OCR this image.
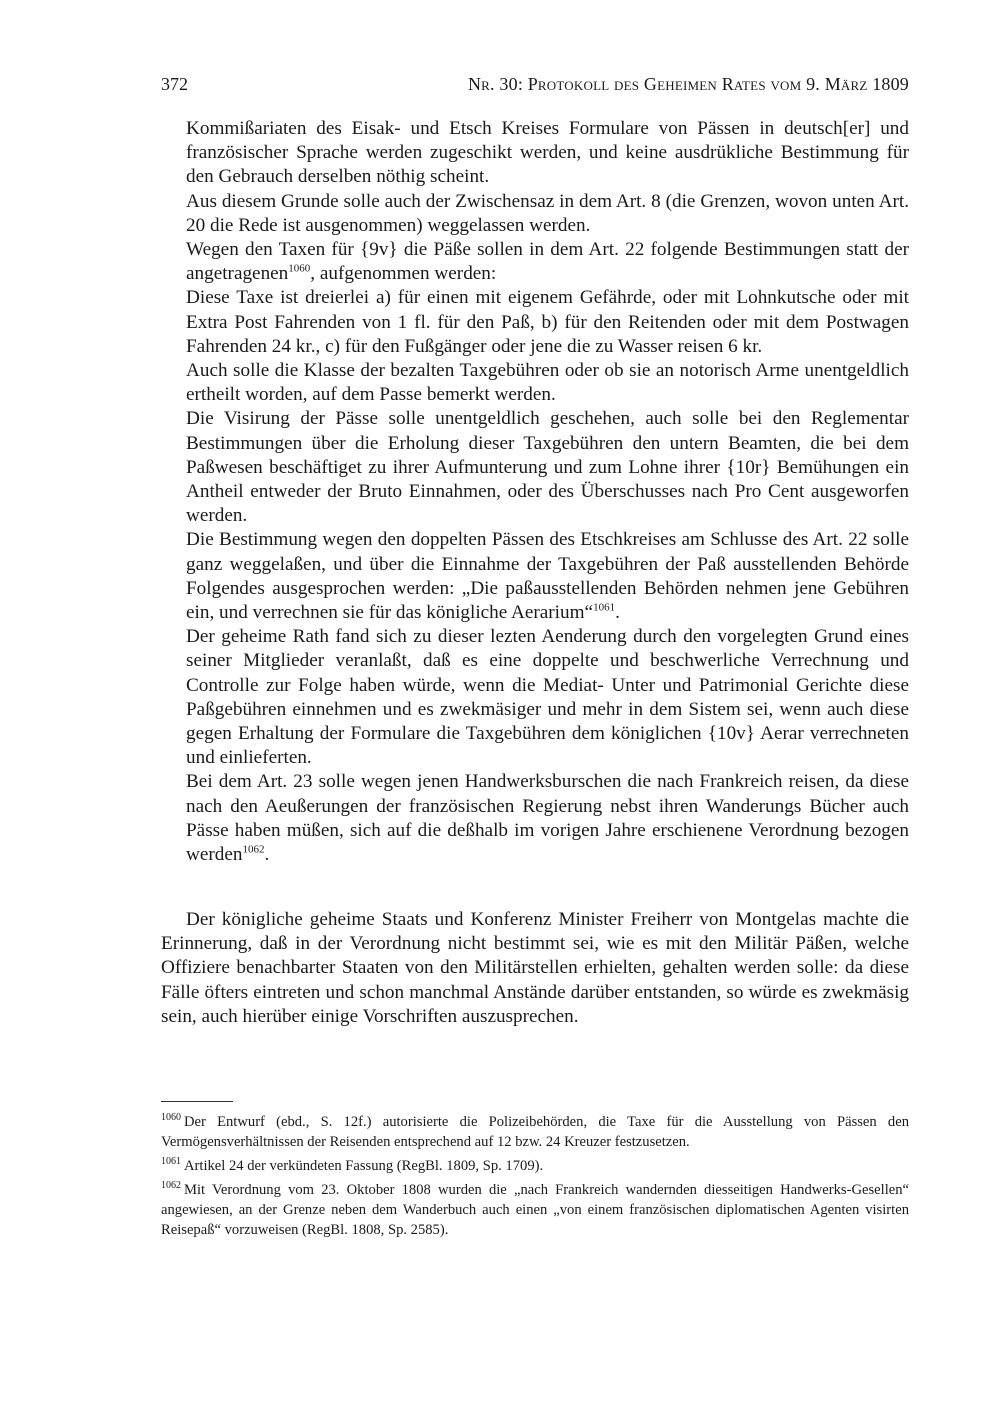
372	Nr. 30: Protokoll des Geheimen Rates vom 9. März 1809

Kommißariaten des Eisak- und Etsch Kreises Formulare von Pässen in deutsch[er] und französischer Sprache werden zugeschikt werden, und keine ausdrükliche Bestimmung für den Gebrauch derselben nöthig scheint.

Aus diesem Grunde solle auch der Zwischensaz in dem Art. 8 (die Grenzen, wovon unten Art. 20 die Rede ist ausgenommen) weggelassen werden.

Wegen den Taxen für {9v} die Päße sollen in dem Art. 22 folgende Bestimmungen statt der angetragenen$^{1060}$, aufgenommen werden:

Diese Taxe ist dreierlei a) für einen mit eigenem Gefährde, oder mit Lohnkutsche oder mit Extra Post Fahrenden von 1 fl. für den Paß, b) für den Reitenden oder mit dem Postwagen Fahrenden 24 kr., c) für den Fußgänger oder jene die zu Wasser reisen 6 kr.

Auch solle die Klasse der bezalten Taxgebühren oder ob sie an notorisch Arme unentgeldlich ertheilt worden, auf dem Passe bemerkt werden.

Die Visirung der Pässe solle unentgeldlich geschehen, auch solle bei den Reglementar Bestimmungen über die Erholung dieser Taxgebühren den untern Beamten, die bei dem Paßwesen beschäftiget zu ihrer Aufmunterung und zum Lohne ihrer {10r} Bemühungen ein Antheil entweder der Bruto Einnahmen, oder des Überschusses nach Pro Cent ausgeworfen werden.

Die Bestimmung wegen den doppelten Pässen des Etschkreises am Schlusse des Art. 22 solle ganz weggelaßen, und über die Einnahme der Taxgebühren der Paß ausstellenden Behörde Folgendes ausgesprochen werden: „Die paßausstellenden Behörden nehmen jene Gebühren ein, und verrechnen sie für das königliche Aerarium“$^{1061}$.

Der geheime Rath fand sich zu dieser lezten Aenderung durch den vorgelegten Grund eines seiner Mitglieder veranlaßt, daß es eine doppelte und beschwerliche Verrechnung und Controlle zur Folge haben würde, wenn die Mediat- Unter und Patrimonial Gerichte diese Paßgebühren einnehmen und es zwekmäsiger und mehr in dem Sistem sei, wenn auch diese gegen Erhaltung der Formulare die Taxgebühren dem königlichen {10v} Aerar verrechneten und einlieferten.

Bei dem Art. 23 solle wegen jenen Handwerksburschen die nach Frankreich reisen, da diese nach den Aeußerungen der französischen Regierung nebst ihren Wanderungs Bücher auch Pässe haben müßen, sich auf die deßhalb im vorigen Jahre erschienene Verordnung bezogen werden$^{1062}$.

Der königliche geheime Staats und Konferenz Minister Freiherr von Montgelas machte die Erinnerung, daß in der Verordnung nicht bestimmt sei, wie es mit den Militär Päßen, welche Offiziere benachbarter Staaten von den Militärstellen erhielten, gehalten werden solle: da diese Fälle öfters eintreten und schon manchmal Anstände darüber entstanden, so würde es zwekmäsig sein, auch hierüber einige Vorschriften auszusprechen.

$^{1060}$ Der Entwurf (ebd., S. 12f.) autorisierte die Polizeibehörden, die Taxe für die Ausstellung von Pässen den Vermögensverhältnissen der Reisenden entsprechend auf 12 bzw. 24 Kreuzer festzusetzen.

$^{1061}$ Artikel 24 der verkündeten Fassung (RegBl. 1809, Sp. 1709).

$^{1062}$ Mit Verordnung vom 23. Oktober 1808 wurden die „nach Frankreich wandernden diesseitigen Handwerks-Gesellen“ angewiesen, an der Grenze neben dem Wanderbuch auch einen „von einem französischen diplomatischen Agenten visirten Reisepaß“ vorzuweisen (RegBl. 1808, Sp. 2585).
